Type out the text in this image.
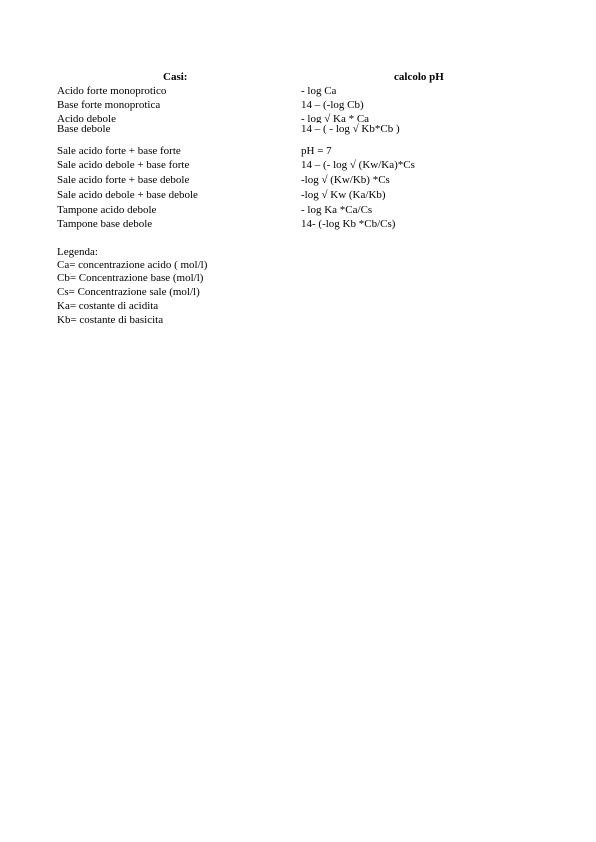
Casi:	calcolo pH
Acido forte monoprotico	- log Ca
Base forte monoprotica	14 – (-log Cb)
Acido debole	- log √ Ka * Ca
Base debole	14 – ( - log √ Kb*Cb )
Sale acido forte + base forte	pH = 7
Sale acido debole + base forte	14 – (- log √ (Kw/Ka)*Cs
Sale acido forte + base debole	-log √ (Kw/Kb) *Cs
Sale acido debole + base debole	-log √ Kw (Ka/Kb)
Tampone acido debole	- log Ka *Ca/Cs
Tampone base debole	14- (-log Kb *Cb/Cs)
Legenda:
Ca= concentrazione acido ( mol/l)
Cb= Concentrazione base (mol/l)
Cs= Concentrazione sale (mol/l)
Ka= costante di acidita
Kb= costante di basicita
